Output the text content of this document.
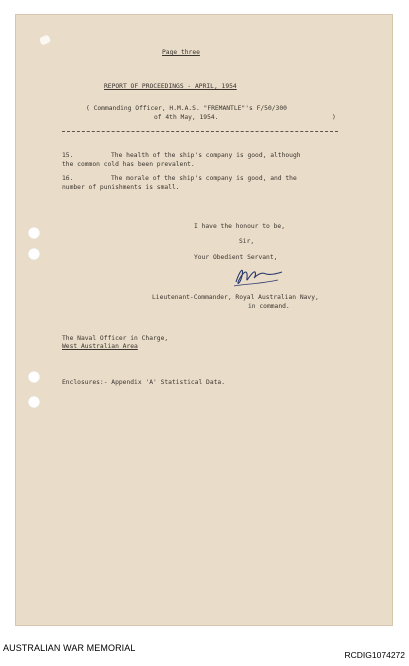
Page three
REPORT OF PROCEEDINGS - APRIL, 1954
( Commanding Officer, H.M.A.S. "FREMANTLE"'s F/50/300
of 4th May, 1954.	)
15.	The health of the ship's company is good, although
the common cold has been prevalent.
16.	The morale of the ship's company is good, and the
number of punishments is small.
I have the honour to be,
Sir,
Your Obedient Servant,
Lieutenant-Commander, Royal Australian Navy,
in command.
The Naval Officer in Charge,
West Australian Area
Enclosures:- Appendix 'A' Statistical Data.
AUSTRALIAN WAR MEMORIAL
RCDIG1074272
